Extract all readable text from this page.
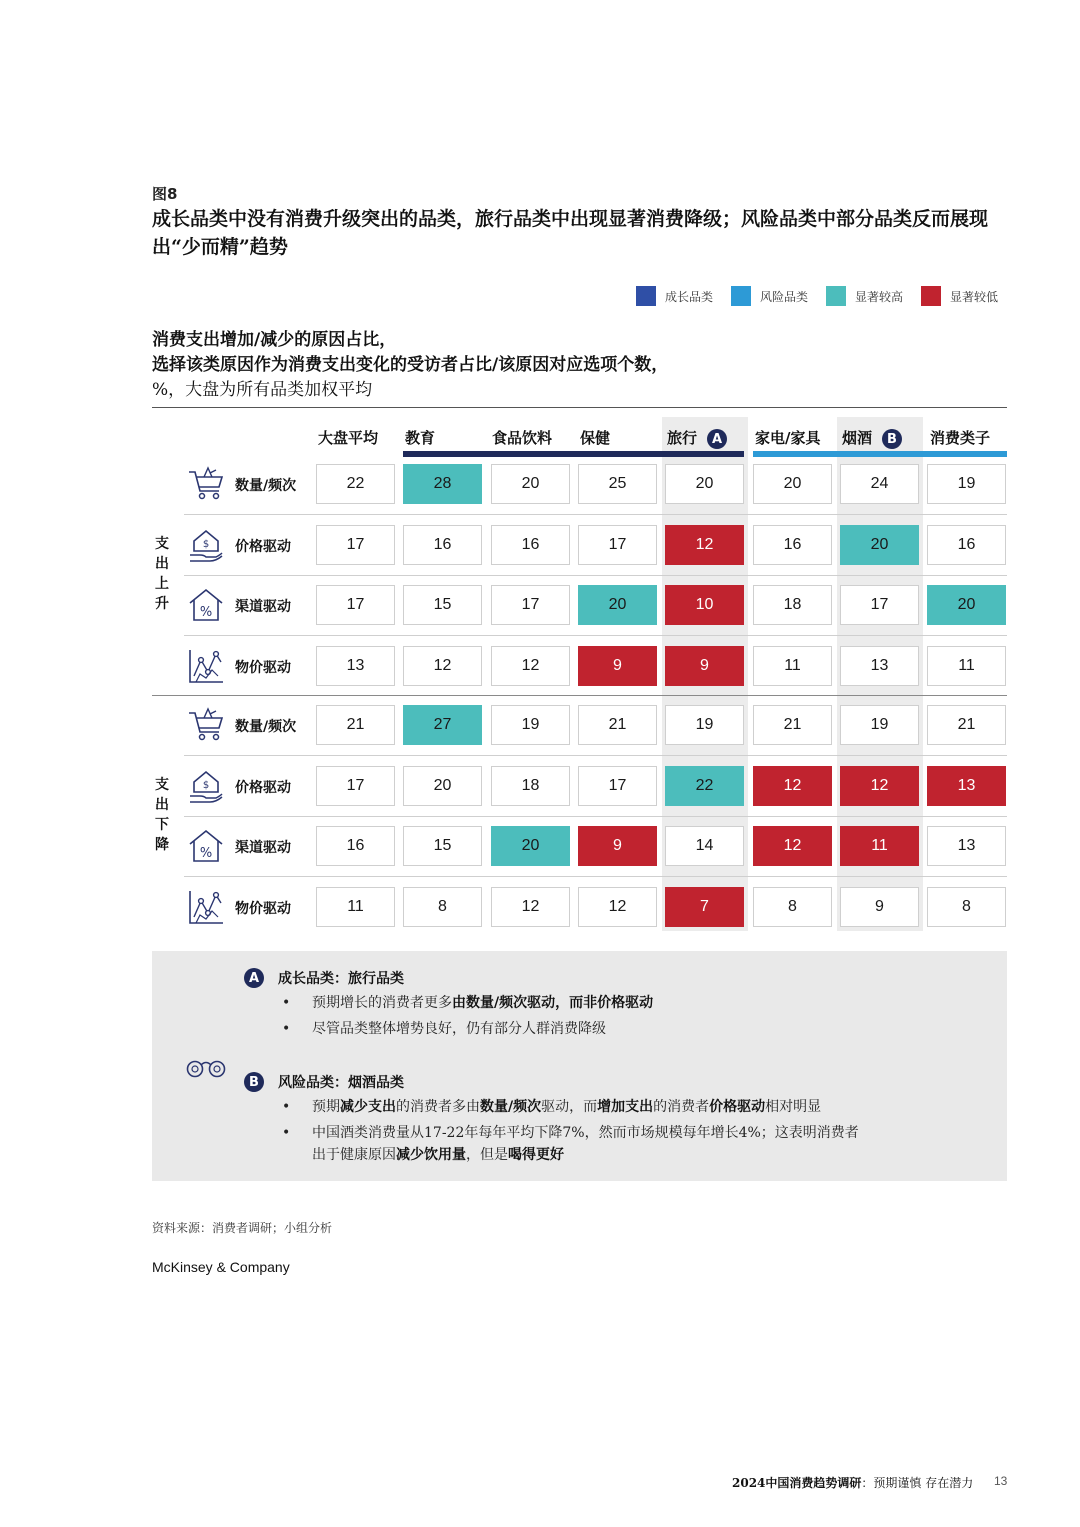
图8
成长品类中没有消费升级突出的品类，旅行品类中出现显著消费降级；风险品类中部分品类反而展现出“少而精”趋势
成长品类	风险品类	显著较高	显著较低
消费支出增加/减少的原因占比，
选择该类原因作为消费支出变化的受访者占比/该原因对应选项个数，
%，大盘为所有品类加权平均
大盘平均 教育	食品饮料 保健	旅行 A	家电/家具 烟酒 B	消费类子
数量/频次	22	28	20	25	20	20	24	19
$ 价格驱动	17	16	16	17	12	16	20	16
% 渠道驱动	17	15	17	20	10	18	17	20
物价驱动	13	12	12	9	9	11	13	11
支
出
上
升
数量/频次	21	27	19	21	19	21	19	21
$ 价格驱动	17	20	18	17	22	12	12	13
% 渠道驱动	16	15	20	9	14	12	11	13
物价驱动	11	8	12	12	7	8	9	8
支
出
下
降
A	成长品类：旅行品类
• 预期增长的消费者更多由数量/频次驱动，而非价格驱动
• 尽管品类整体增势良好，仍有部分人群消费降级
B	风险品类：烟酒品类
• 预期减少支出的消费者多由数量/频次驱动，而增加支出的消费者价格驱动相对明显
• 中国酒类消费量从17-22年每年平均下降7%，然而市场规模每年增长4%；这表明消费者
出于健康原因减少饮用量，但是喝得更好
资料来源：消费者调研；小组分析
McKinsey & Company
2024中国消费趋势调研：预期谨慎 存在潜力 13
